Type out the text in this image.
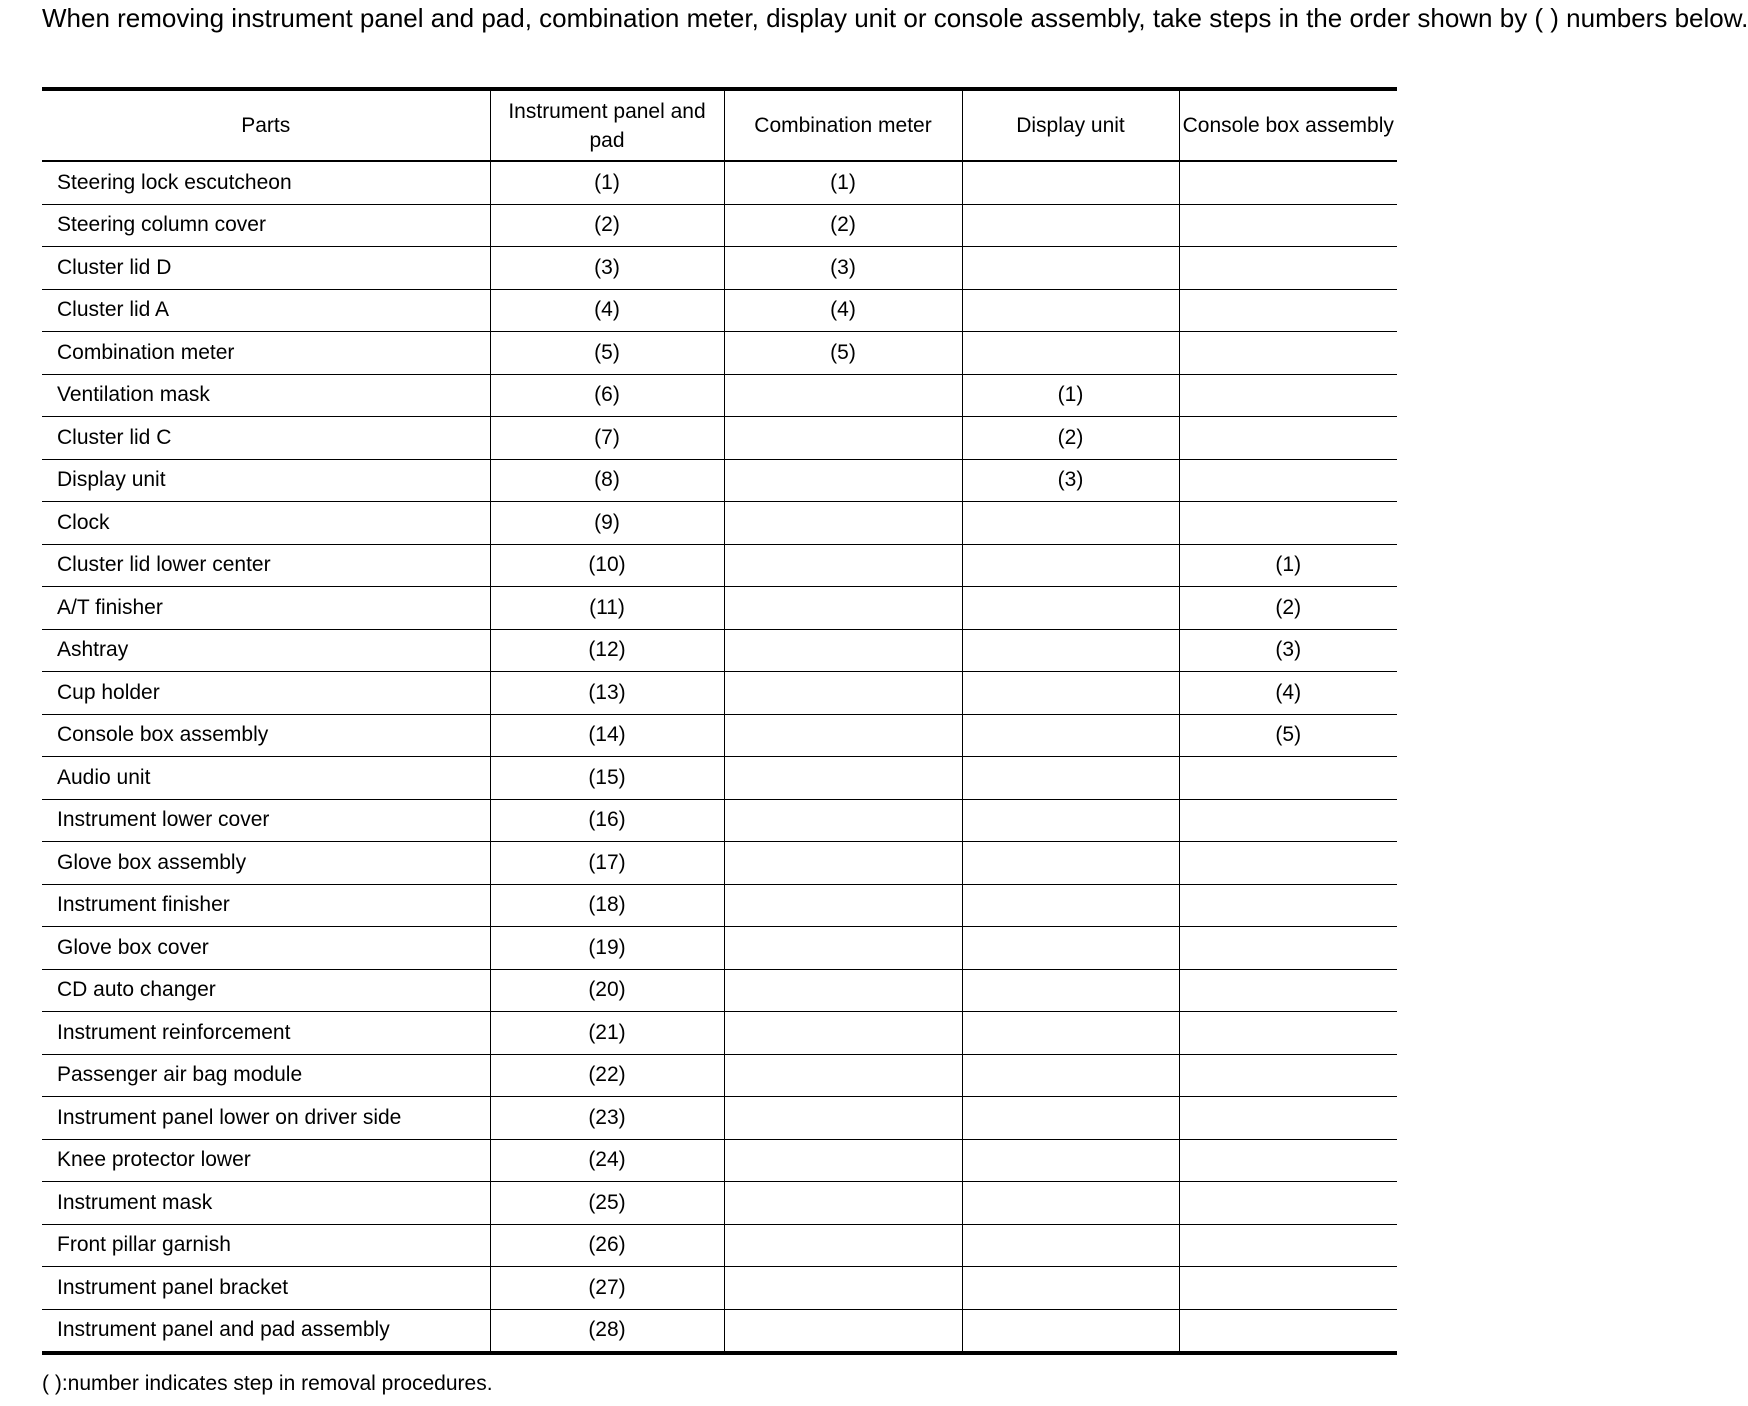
When removing instrument panel and pad, combination meter, display unit or console assembly, take steps in the order shown by ( ) numbers below.

Parts	Instrument panel and pad	Combination meter	Display unit	Console box assembly
Steering lock escutcheon	(1)	(1)		
Steering column cover	(2)	(2)		
Cluster lid D	(3)	(3)		
Cluster lid A	(4)	(4)		
Combination meter	(5)	(5)		
Ventilation mask	(6)		(1)	
Cluster lid C	(7)		(2)	
Display unit	(8)		(3)	
Clock	(9)			
Cluster lid lower center	(10)			(1)
A/T finisher	(11)			(2)
Ashtray	(12)			(3)
Cup holder	(13)			(4)
Console box assembly	(14)			(5)
Audio unit	(15)			
Instrument lower cover	(16)			
Glove box assembly	(17)			
Instrument finisher	(18)			
Glove box cover	(19)			
CD auto changer	(20)			
Instrument reinforcement	(21)			
Passenger air bag module	(22)			
Instrument panel lower on driver side	(23)			
Knee protector lower	(24)			
Instrument mask	(25)			
Front pillar garnish	(26)			
Instrument panel bracket	(27)			
Instrument panel and pad assembly	(28)			

( ):number indicates step in removal procedures.
